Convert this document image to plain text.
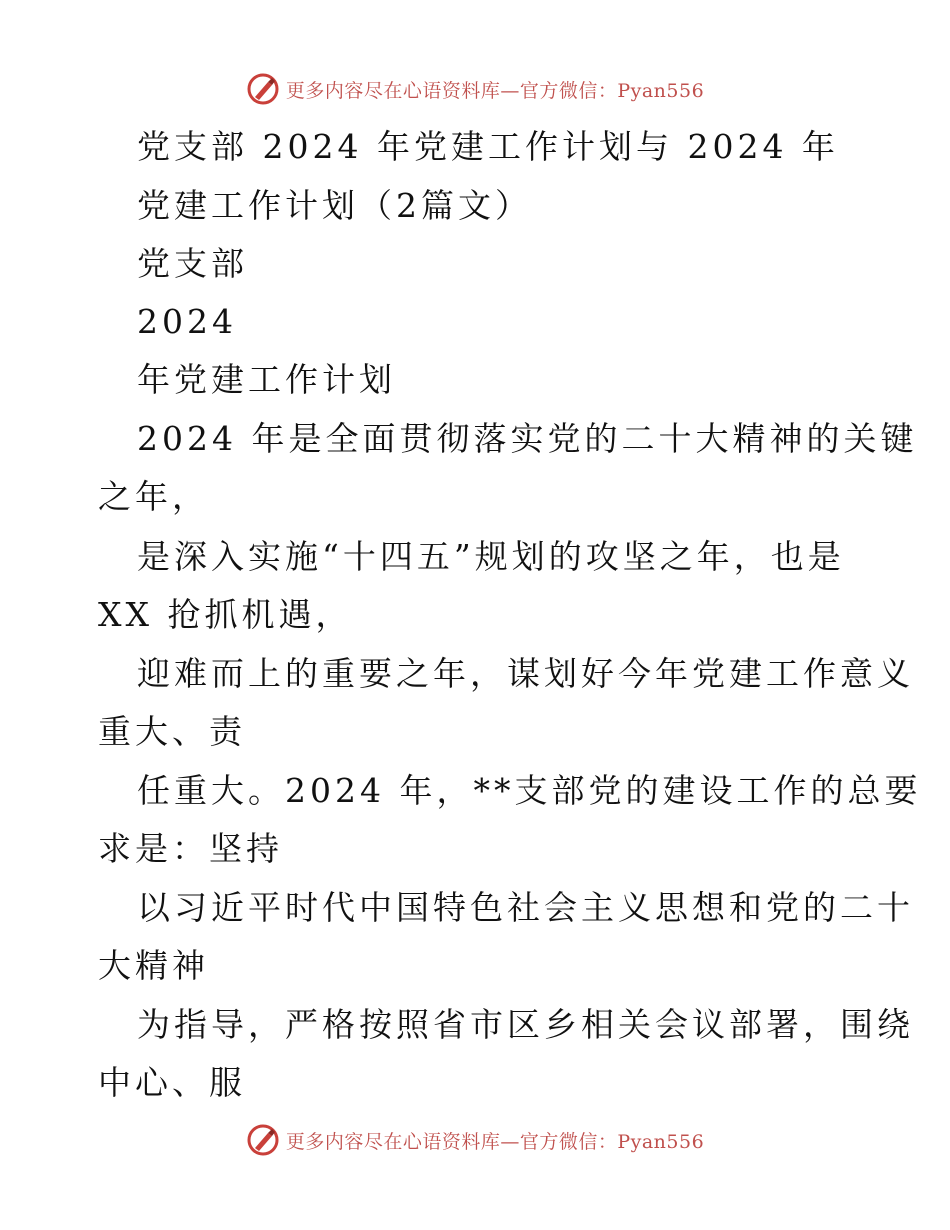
更多内容尽在心语资料库—官方微信：Pyan556
党支部 2024 年党建工作计划与 2024 年
党建工作计划（2篇文）
党支部
2024
年党建工作计划
2024 年是全面贯彻落实党的二十大精神的关键
之年，
是深入实施“十四五”规划的攻坚之年，也是
XX 抢抓机遇，
迎难而上的重要之年，谋划好今年党建工作意义
重大、责
任重大。2024 年，**支部党的建设工作的总要
求是：坚持
以习近平时代中国特色社会主义思想和党的二十
大精神
为指导，严格按照省市区乡相关会议部署，围绕
中心、服
更多内容尽在心语资料库—官方微信：Pyan556
